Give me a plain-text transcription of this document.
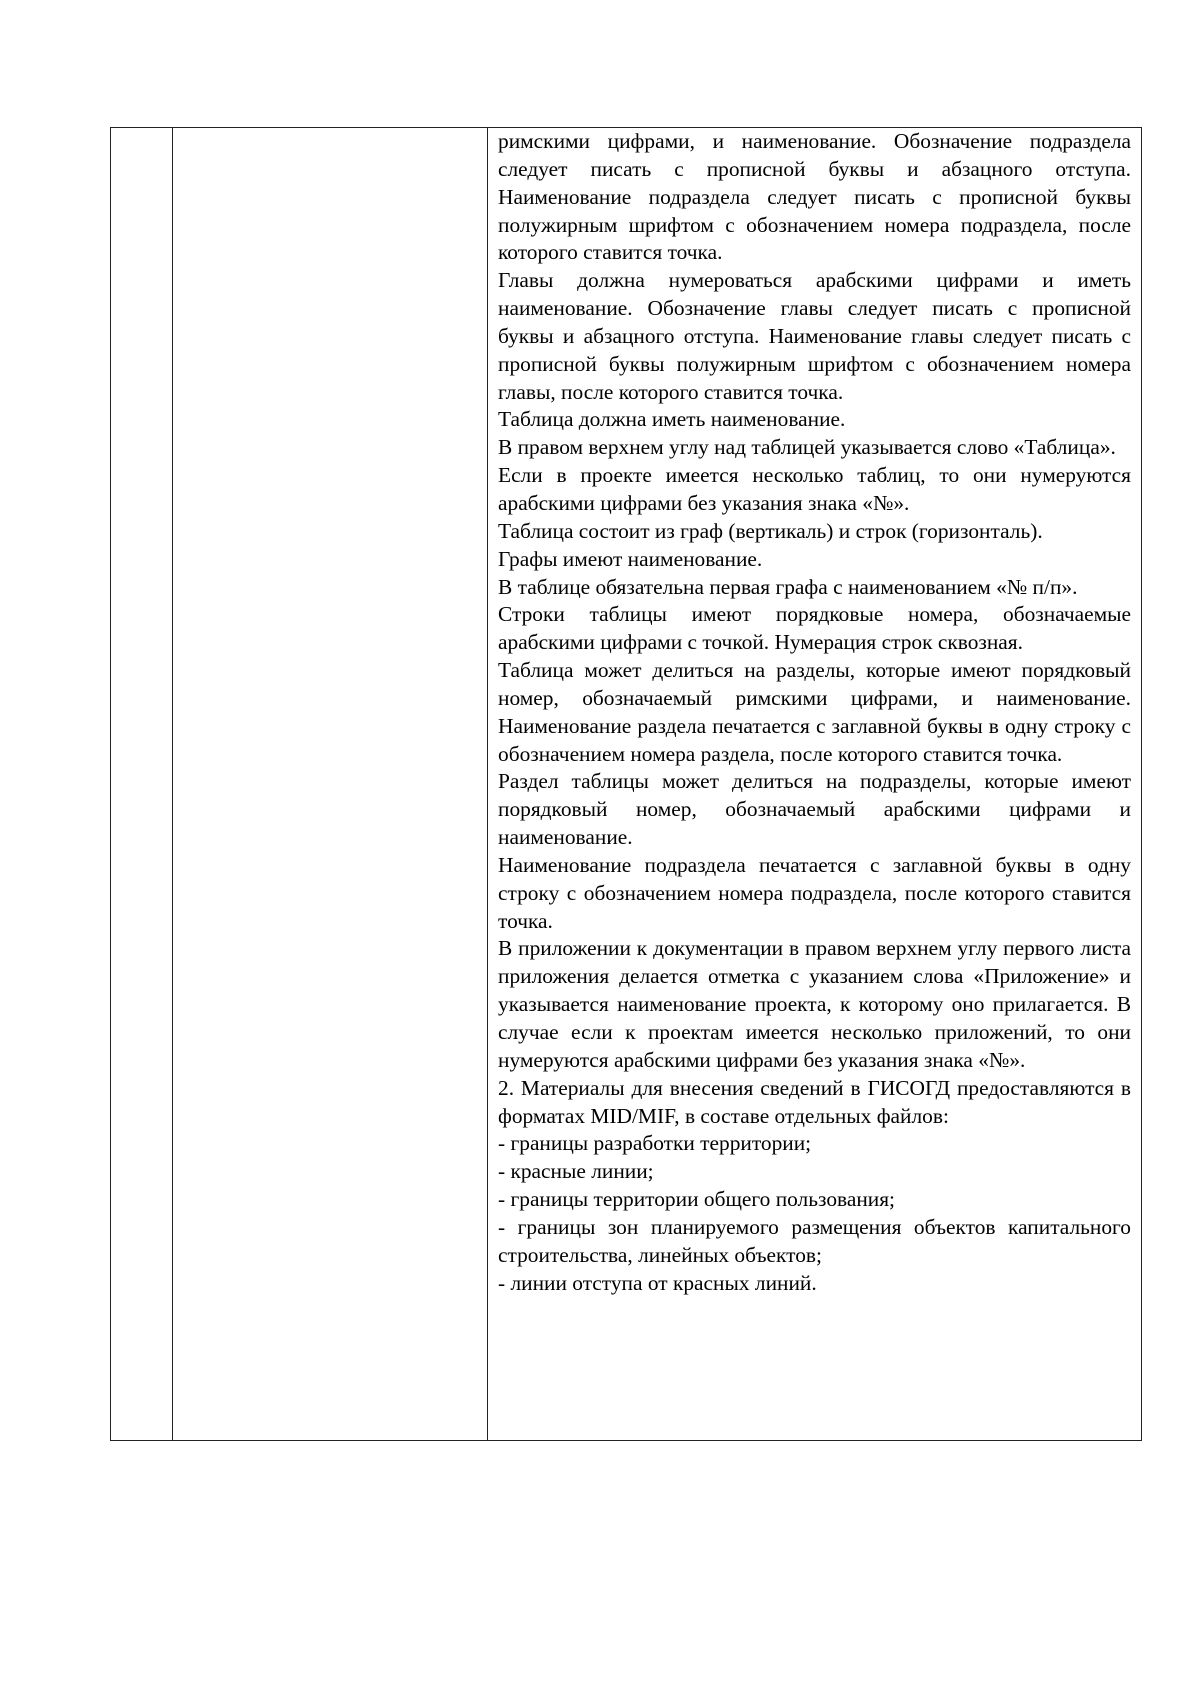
римскими цифрами, и наименование. Обозначение подраздела следует писать с прописной буквы и абзацного отступа. Наименование подраздела следует писать с прописной буквы полужирным шрифтом с обозначением номера подраздела, после которого ставится точка.

Главы должна нумероваться арабскими цифрами и иметь наименование. Обозначение главы следует писать с прописной буквы и абзацного отступа. Наименование главы следует писать с прописной буквы полужирным шрифтом с обозначением номера главы, после которого ставится точка.

Таблица должна иметь наименование.

В правом верхнем углу над таблицей указывается слово «Таблица».

Если в проекте имеется несколько таблиц, то они нумеруются арабскими цифрами без указания знака «№».

Таблица состоит из граф (вертикаль) и строк (горизонталь).

Графы имеют наименование.

В таблице обязательна первая графа с наименованием «№ п/п».

Строки таблицы имеют порядковые номера, обозначаемые арабскими цифрами с точкой. Нумерация строк сквозная.

Таблица может делиться на разделы, которые имеют порядковый номер, обозначаемый римскими цифрами, и наименование. Наименование раздела печатается с заглавной буквы в одну строку с обозначением номера раздела, после которого ставится точка.

Раздел таблицы может делиться на подразделы, которые имеют порядковый номер, обозначаемый арабскими цифрами и наименование.

Наименование подраздела печатается с заглавной буквы в одну строку с обозначением номера подраздела, после которого ставится точка.

В приложении к документации в правом верхнем углу первого листа приложения делается отметка с указанием слова «Приложение» и указывается наименование проекта, к которому оно прилагается. В случае если к проектам имеется несколько приложений, то они нумеруются арабскими цифрами без указания знака «№».

2. Материалы для внесения сведений в ГИСОГД предоставляются в форматах MID/MIF, в составе отдельных файлов:

- границы разработки территории;

- красные линии;

- границы территории общего пользования;

- границы зон планируемого размещения объектов капитального строительства, линейных объектов;

- линии отступа от красных линий.
